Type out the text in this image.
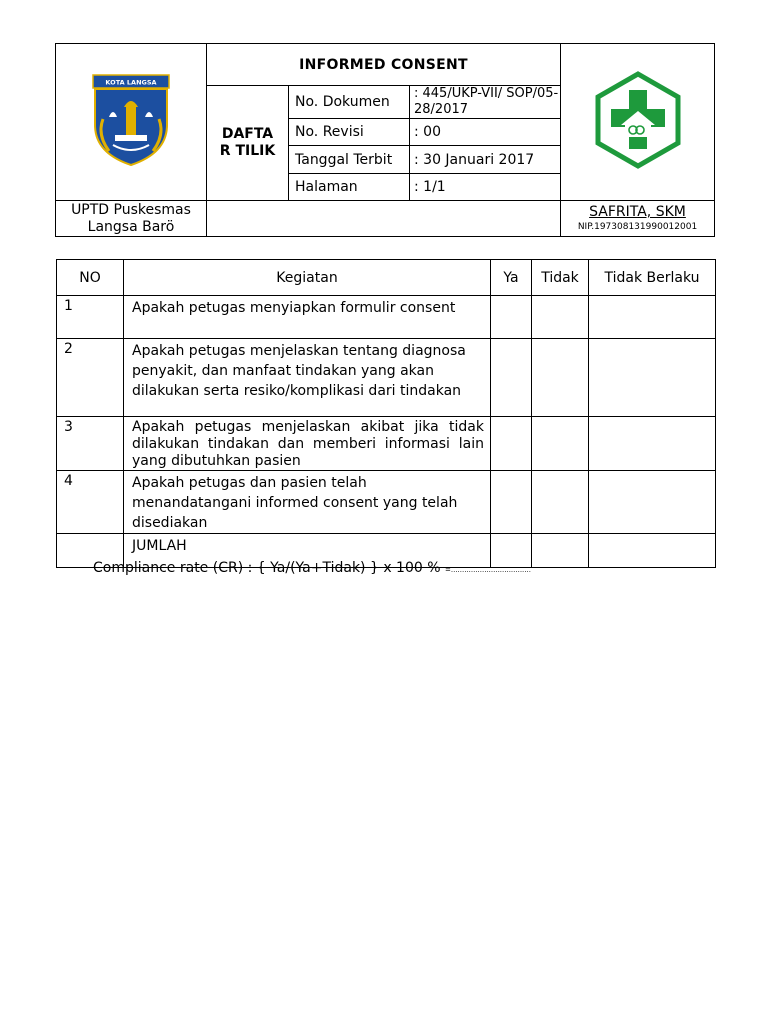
KOTA LANGSA	INFORMED CONSENT	
	DAFTAR TILIK	No. Dokumen	: 445/UKP-VII/ SOP/05-28/2017	
		No. Revisi	: 00	
		Tanggal Terbit	: 30 Januari 2017	
		Halaman	: 1/1	
UPTD Puskesmas Langsa Barö				SAFRITA, SKM
NIP.197308131990012001
NO	Kegiatan	Ya	Tidak	Tidak Berlaku
1	Apakah petugas menyiapkan formulir consent			
2	Apakah petugas menjelaskan tentang diagnosa penyakit, dan manfaat tindakan yang akan dilakukan serta resiko/komplikasi dari tindakan			
3	Apakah petugas menjelaskan akibat jika tidak dilakukan tindakan dan memberi informasi lain yang dibutuhkan pasien			
4	Apakah petugas dan pasien telah menandatangani informed consent yang telah disediakan			
	JUMLAH			
Compliance rate (CR) : { Ya/(Ya+Tidak) } x 100 % =....................................
